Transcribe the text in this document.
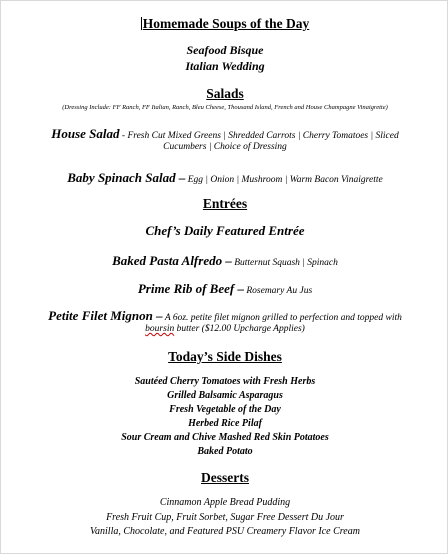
Homemade Soups of the Day
Seafood Bisque
Italian Wedding
Salads
(Dressing Include: FF Ranch, FF Italian, Ranch, Bleu Cheese, Thousand Island, French and House Champagne Vinaigrette)
House Salad - Fresh Cut Mixed Greens | Shredded Carrots | Cherry Tomatoes | Sliced
Cucumbers | Choice of Dressing
Baby Spinach Salad – Egg | Onion | Mushroom | Warm Bacon Vinaigrette
Entrées
Chef’s Daily Featured Entrée
Baked Pasta Alfredo – Butternut Squash | Spinach
Prime Rib of Beef – Rosemary Au Jus
Petite Filet Mignon – A 6oz. petite filet mignon grilled to perfection and topped with
boursin butter ($12.00 Upcharge Applies)
Today’s Side Dishes
Sautéed Cherry Tomatoes with Fresh Herbs
Grilled Balsamic Asparagus
Fresh Vegetable of the Day
Herbed Rice Pilaf
Sour Cream and Chive Mashed Red Skin Potatoes
Baked Potato
Desserts
Cinnamon Apple Bread Pudding
Fresh Fruit Cup, Fruit Sorbet, Sugar Free Dessert Du Jour
Vanilla, Chocolate, and Featured PSU Creamery Flavor Ice Cream
